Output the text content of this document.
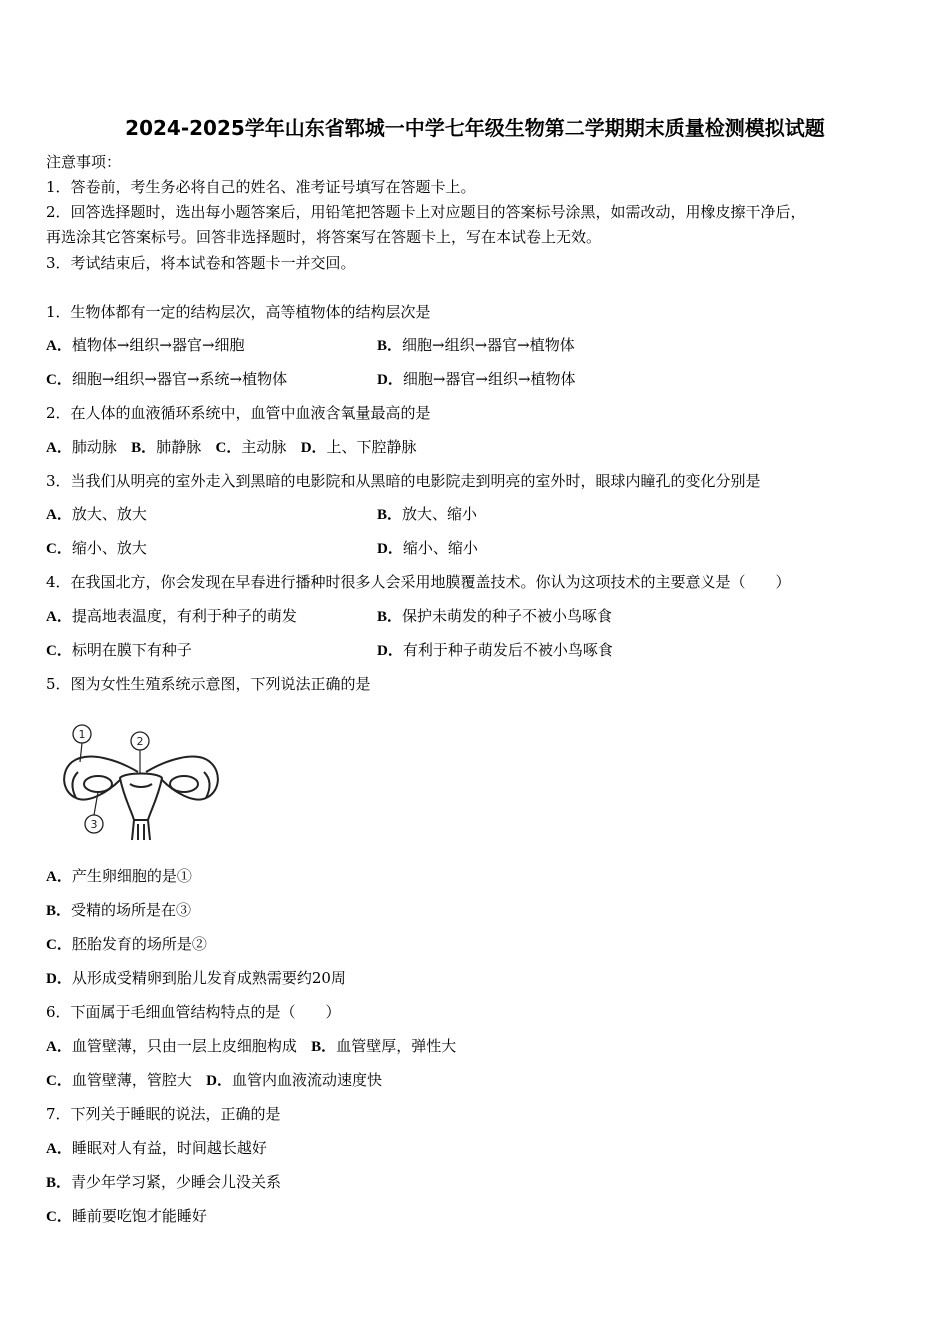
2024-2025学年山东省郓城一中学七年级生物第二学期期末质量检测模拟试题
注意事项：
1．答卷前，考生务必将自己的姓名、准考证号填写在答题卡上。
2．回答选择题时，选出每小题答案后，用铅笔把答题卡上对应题目的答案标号涂黑，如需改动，用橡皮擦干净后，
再选涂其它答案标号。回答非选择题时，将答案写在答题卡上，写在本试卷上无效。
3．考试结束后，将本试卷和答题卡一并交回。
1．生物体都有一定的结构层次，高等植物体的结构层次是
A．植物体→组织→器官→细胞	B．细胞→组织→器官→植物体
C．细胞→组织→器官→系统→植物体	D．细胞→器官→组织→植物体
2．在人体的血液循环系统中，血管中血液含氧量最高的是
A．肺动脉 B．肺静脉 C．主动脉 D．上、下腔静脉
3．当我们从明亮的室外走入到黑暗的电影院和从黑暗的电影院走到明亮的室外时，眼球内瞳孔的变化分别是
A．放大、放大	B．放大、缩小
C．缩小、放大	D．缩小、缩小
4．在我国北方，你会发现在早春进行播种时很多人会采用地膜覆盖技术。你认为这项技术的主要意义是（　　）
A．提高地表温度，有利于种子的萌发	B．保护未萌发的种子不被小鸟啄食
C．标明在膜下有种子	D．有利于种子萌发后不被小鸟啄食
5．图为女性生殖系统示意图，下列说法正确的是
1
2
3
A．产生卵细胞的是①
B．受精的场所是在③
C．胚胎发育的场所是②
D．从形成受精卵到胎儿发育成熟需要约20周
6．下面属于毛细血管结构特点的是（　　）
A．血管壁薄，只由一层上皮细胞构成 B．血管壁厚，弹性大
C．血管壁薄，管腔大 D．血管内血液流动速度快
7．下列关于睡眠的说法，正确的是
A．睡眠对人有益，时间越长越好
B．青少年学习紧，少睡会儿没关系
C．睡前要吃饱才能睡好
